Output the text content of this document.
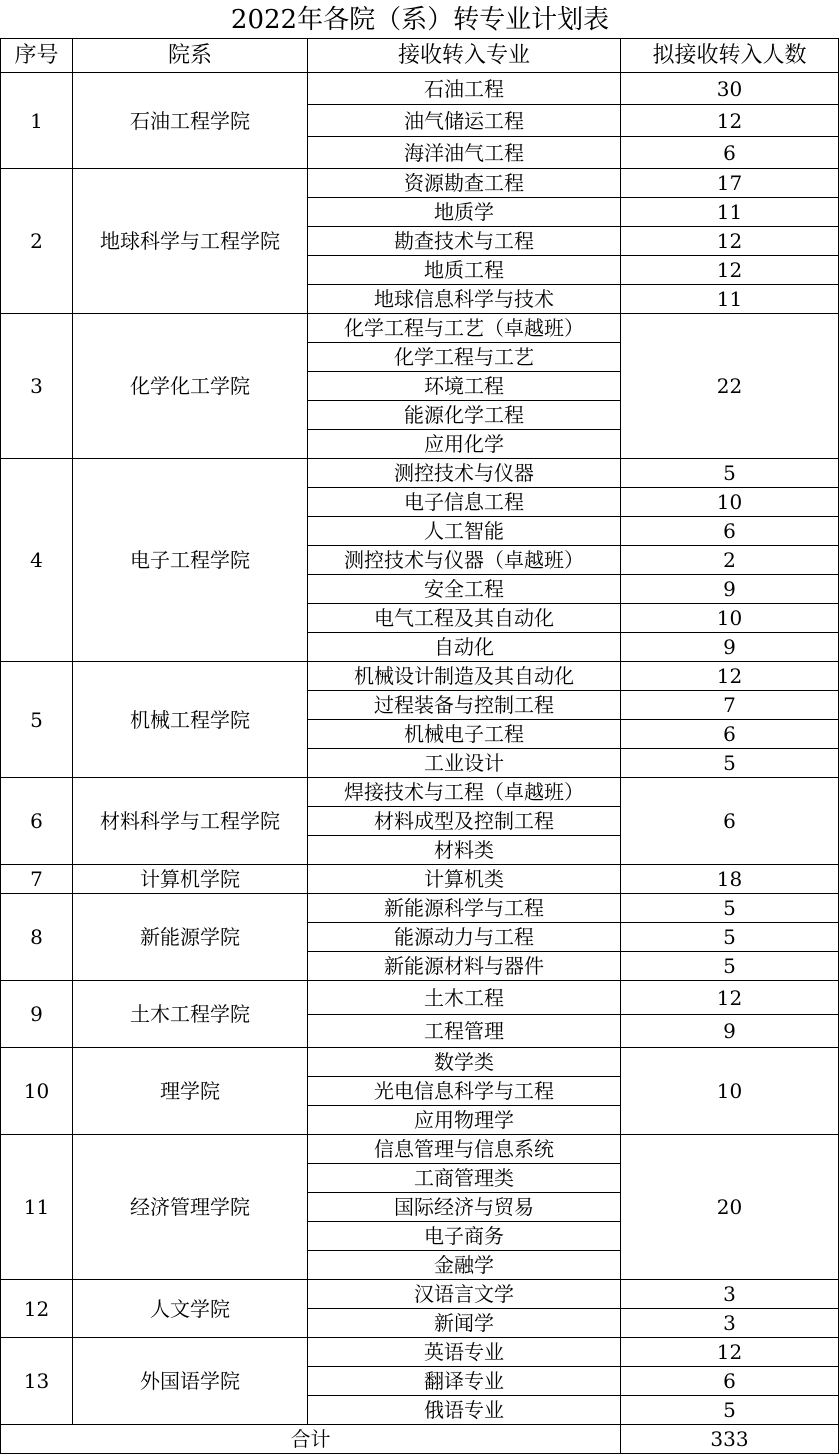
2022年各院（系）转专业计划表
序号	院系	接收转入专业	拟接收转入人数
1	石油工程学院	石油工程	30
		油气储运工程	12
		海洋油气工程	6
2	地球科学与工程学院	资源勘查工程	17
		地质学	11
		勘查技术与工程	12
		地质工程	12
		地球信息科学与技术	11
3	化学化工学院	化学工程与工艺（卓越班）	22
		化学工程与工艺	
		环境工程	
		能源化学工程	
		应用化学	
4	电子工程学院	测控技术与仪器	5
		电子信息工程	10
		人工智能	6
		测控技术与仪器（卓越班）	2
		安全工程	9
		电气工程及其自动化	10
		自动化	9
5	机械工程学院	机械设计制造及其自动化	12
		过程装备与控制工程	7
		机械电子工程	6
		工业设计	5
6	材料科学与工程学院	焊接技术与工程（卓越班）	6
		材料成型及控制工程	
		材料类	
7	计算机学院	计算机类	18
8	新能源学院	新能源科学与工程	5
		能源动力与工程	5
		新能源材料与器件	5
9	土木工程学院	土木工程	12
		工程管理	9
10	理学院	数学类	10
		光电信息科学与工程	
		应用物理学	
11	经济管理学院	信息管理与信息系统	20
		工商管理类	
		国际经济与贸易	
		电子商务	
		金融学	
12	人文学院	汉语言文学	3
		新闻学	3
13	外国语学院	英语专业	12
		翻译专业	6
		俄语专业	5
合计			333
